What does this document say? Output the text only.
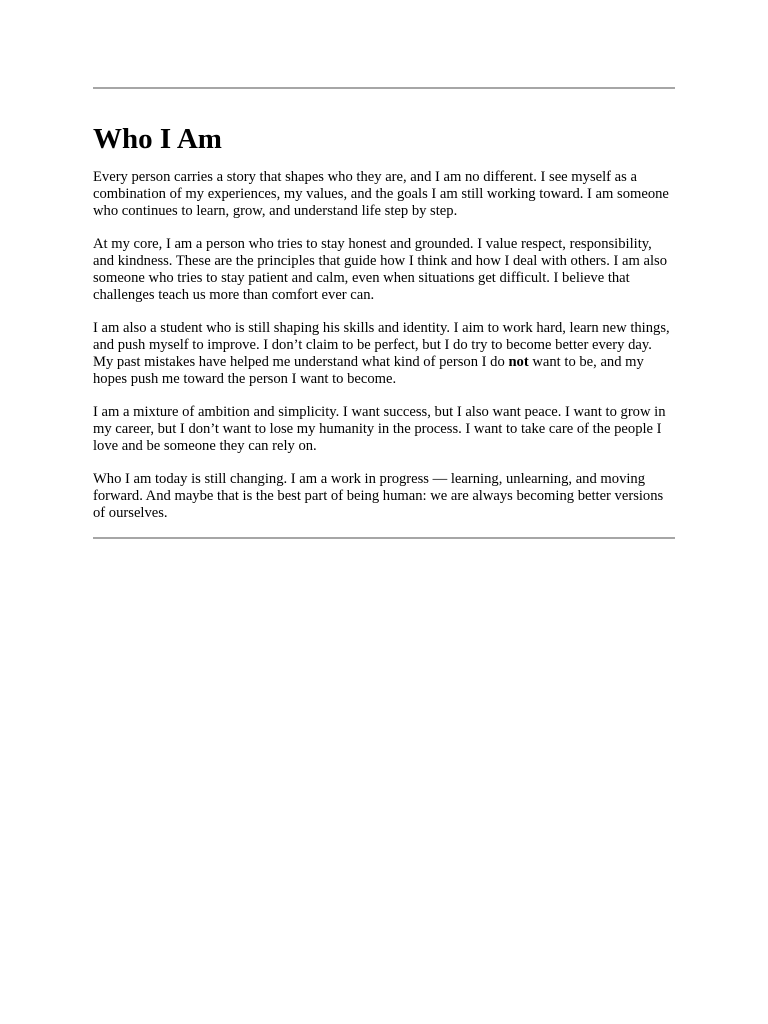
Who I Am

Every person carries a story that shapes who they are, and I am no different. I see myself as a combination of my experiences, my values, and the goals I am still working toward. I am someone who continues to learn, grow, and understand life step by step.

At my core, I am a person who tries to stay honest and grounded. I value respect, responsibility, and kindness. These are the principles that guide how I think and how I deal with others. I am also someone who tries to stay patient and calm, even when situations get difficult. I believe that challenges teach us more than comfort ever can.

I am also a student who is still shaping his skills and identity. I aim to work hard, learn new things, and push myself to improve. I don’t claim to be perfect, but I do try to become better every day. My past mistakes have helped me understand what kind of person I do not want to be, and my hopes push me toward the person I want to become.

I am a mixture of ambition and simplicity. I want success, but I also want peace. I want to grow in my career, but I don’t want to lose my humanity in the process. I want to take care of the people I love and be someone they can rely on.

Who I am today is still changing. I am a work in progress — learning, unlearning, and moving forward. And maybe that is the best part of being human: we are always becoming better versions of ourselves.
